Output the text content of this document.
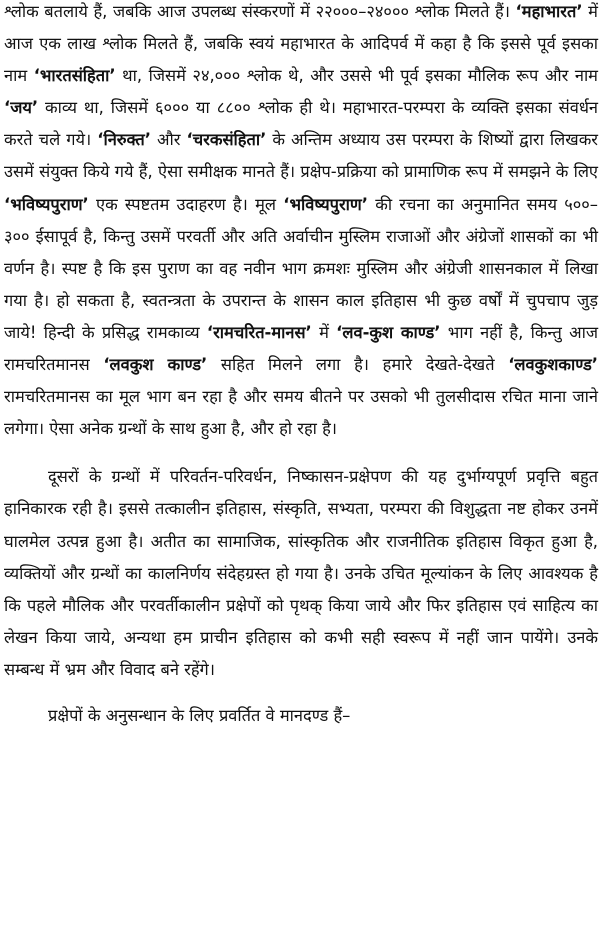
श्लोक बतलाये हैं, जबकि आज उपलब्ध संस्करणों में २२०००–२४००० श्लोक मिलते हैं। ‘महाभारत’ में आज एक लाख श्लोक मिलते हैं, जबकि स्वयं महाभारत के आदिपर्व में कहा है कि इससे पूर्व इसका नाम ‘भारतसंहिता’ था, जिसमें २४,००० श्लोक थे, और उससे भी पूर्व इसका मौलिक रूप और नाम ‘जय’ काव्य था, जिसमें ६००० या ८८०० श्लोक ही थे। महाभारत-परम्परा के व्यक्ति इसका संवर्धन करते चले गये। ‘निरुक्त’ और ‘चरकसंहिता’ के अन्तिम अध्याय उस परम्परा के शिष्यों द्वारा लिखकर उसमें संयुक्त किये गये हैं, ऐसा समीक्षक मानते हैं। प्रक्षेप-प्रक्रिया को प्रामाणिक रूप में समझने के लिए ‘भविष्यपुराण’ एक स्पष्टतम उदाहरण है। मूल ‘भविष्यपुराण’ की रचना का अनुमानित समय ५००–३०० ईसापूर्व है, किन्तु उसमें परवर्ती और अति अर्वाचीन मुस्लिम राजाओं और अंग्रेजों शासकों का भी वर्णन है। स्पष्ट है कि इस पुराण का वह नवीन भाग क्रमशः मुस्लिम और अंग्रेजी शासनकाल में लिखा गया है। हो सकता है, स्वतन्त्रता के उपरान्त के शासन काल इतिहास भी कुछ वर्षों में चुपचाप जुड़ जाये! हिन्दी के प्रसिद्ध रामकाव्य ‘रामचरित-मानस’ में ‘लव-कुश काण्ड’ भाग नहीं है, किन्तु आज रामचरितमानस ‘लवकुश काण्ड’ सहित मिलने लगा है। हमारे देखते-देखते ‘लवकुशकाण्ड’ रामचरितमानस का मूल भाग बन रहा है और समय बीतने पर उसको भी तुलसीदास रचित माना जाने लगेगा। ऐसा अनेक ग्रन्थों के साथ हुआ है, और हो रहा है।

दूसरों के ग्रन्थों में परिवर्तन-परिवर्धन, निष्कासन-प्रक्षेपण की यह दुर्भाग्यपूर्ण प्रवृत्ति बहुत हानिकारक रही है। इससे तत्कालीन इतिहास, संस्कृति, सभ्यता, परम्परा की विशुद्धता नष्ट होकर उनमें घालमेल उत्पन्न हुआ है। अतीत का सामाजिक, सांस्कृतिक और राजनीतिक इतिहास विकृत हुआ है, व्यक्तियों और ग्रन्थों का कालनिर्णय संदेहग्रस्त हो गया है। उनके उचित मूल्यांकन के लिए आवश्यक है कि पहले मौलिक और परवर्तीकालीन प्रक्षेपों को पृथक् किया जाये और फिर इतिहास एवं साहित्य का लेखन किया जाये, अन्यथा हम प्राचीन इतिहास को कभी सही स्वरूप में नहीं जान पायेंगे। उनके सम्बन्ध में भ्रम और विवाद बने रहेंगे।

प्रक्षेपों के अनुसन्धान के लिए प्रवर्तित वे मानदण्ड हैं–
